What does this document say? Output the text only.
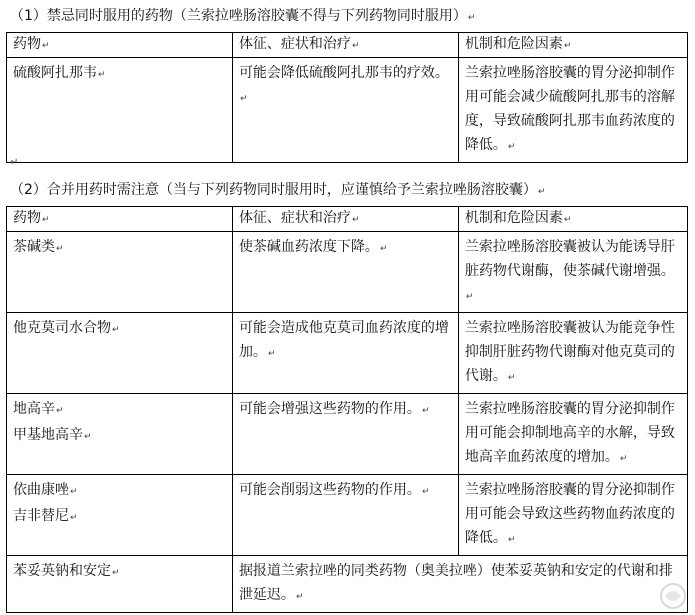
（1）禁忌同时服用的药物（兰索拉唑肠溶胶囊不得与下列药物同时服用）↵
药物↵	体征、症状和治疗↵	机制和危险因素↵
硫酸阿扎那韦↵	可能会降低硫酸阿扎那韦的疗效。↵	兰索拉唑肠溶胶囊的胃分泌抑制作用可能会减少硫酸阿扎那韦的溶解度，导致硫酸阿扎那韦血药浓度的降低。↵
↵
（2）合并用药时需注意（当与下列药物同时服用时，应谨慎给予兰索拉唑肠溶胶囊）↵
药物↵	体征、症状和治疗↵	机制和危险因素↵
茶碱类↵	使茶碱血药浓度下降。↵	兰索拉唑肠溶胶囊被认为能诱导肝脏药物代谢酶，使茶碱代谢增强。↵
他克莫司水合物↵	可能会造成他克莫司血药浓度的增加。↵	兰索拉唑肠溶胶囊被认为能竞争性抑制肝脏药物代谢酶对他克莫司的代谢。↵

地高辛↵
甲基地高辛↵	可能会增强这些药物的作用。↵	兰索拉唑肠溶胶囊的胃分泌抑制作用可能会抑制地高辛的水解，导致地高辛血药浓度的增加。↵

依曲康唑↵
吉非替尼↵	可能会削弱这些药物的作用。↵	兰索拉唑肠溶胶囊的胃分泌抑制作用可能会导致这些药物血药浓度的降低。↵
苯妥英钠和安定↵	据报道兰索拉唑的同类药物（奥美拉唑）使苯妥英钠和安定的代谢和排泄延迟。↵	
